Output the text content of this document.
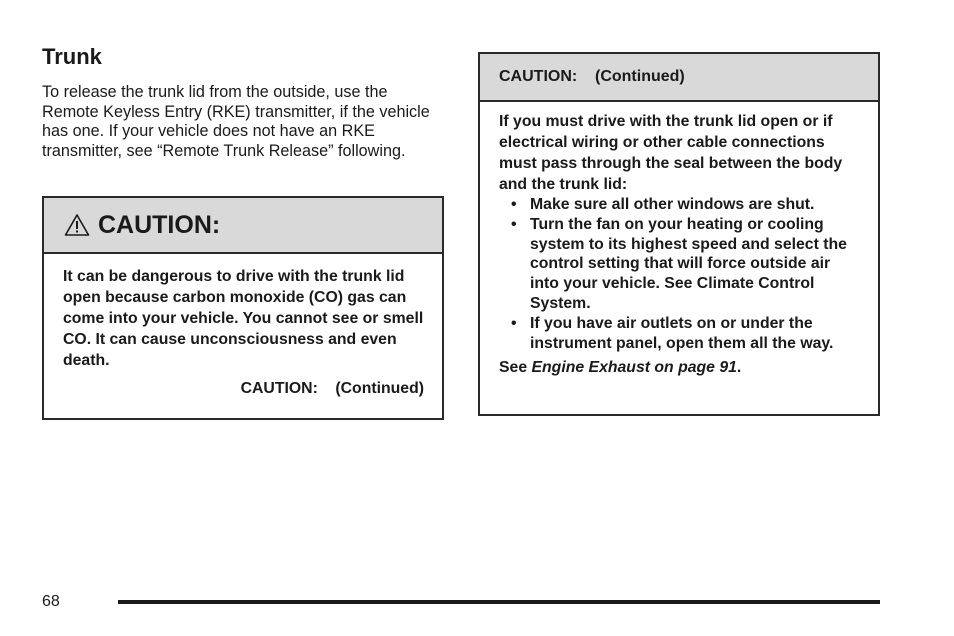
Trunk

To release the trunk lid from the outside, use the Remote Keyless Entry (RKE) transmitter, if the vehicle has one. If your vehicle does not have an RKE transmitter, see “Remote Trunk Release” following.

CAUTION:
It can be dangerous to drive with the trunk lid open because carbon monoxide (CO) gas can come into your vehicle. You cannot see or smell CO. It can cause unconsciousness and even death.
CAUTION:    (Continued)
CAUTION:    (Continued)
If you must drive with the trunk lid open or if electrical wiring or other cable connections must pass through the seal between the body and the trunk lid:
• Make sure all other windows are shut.
• Turn the fan on your heating or cooling system to its highest speed and select the control setting that will force outside air into your vehicle. See Climate Control System.
• If you have air outlets on or under the instrument panel, open them all the way.
See Engine Exhaust on page 91.
68
